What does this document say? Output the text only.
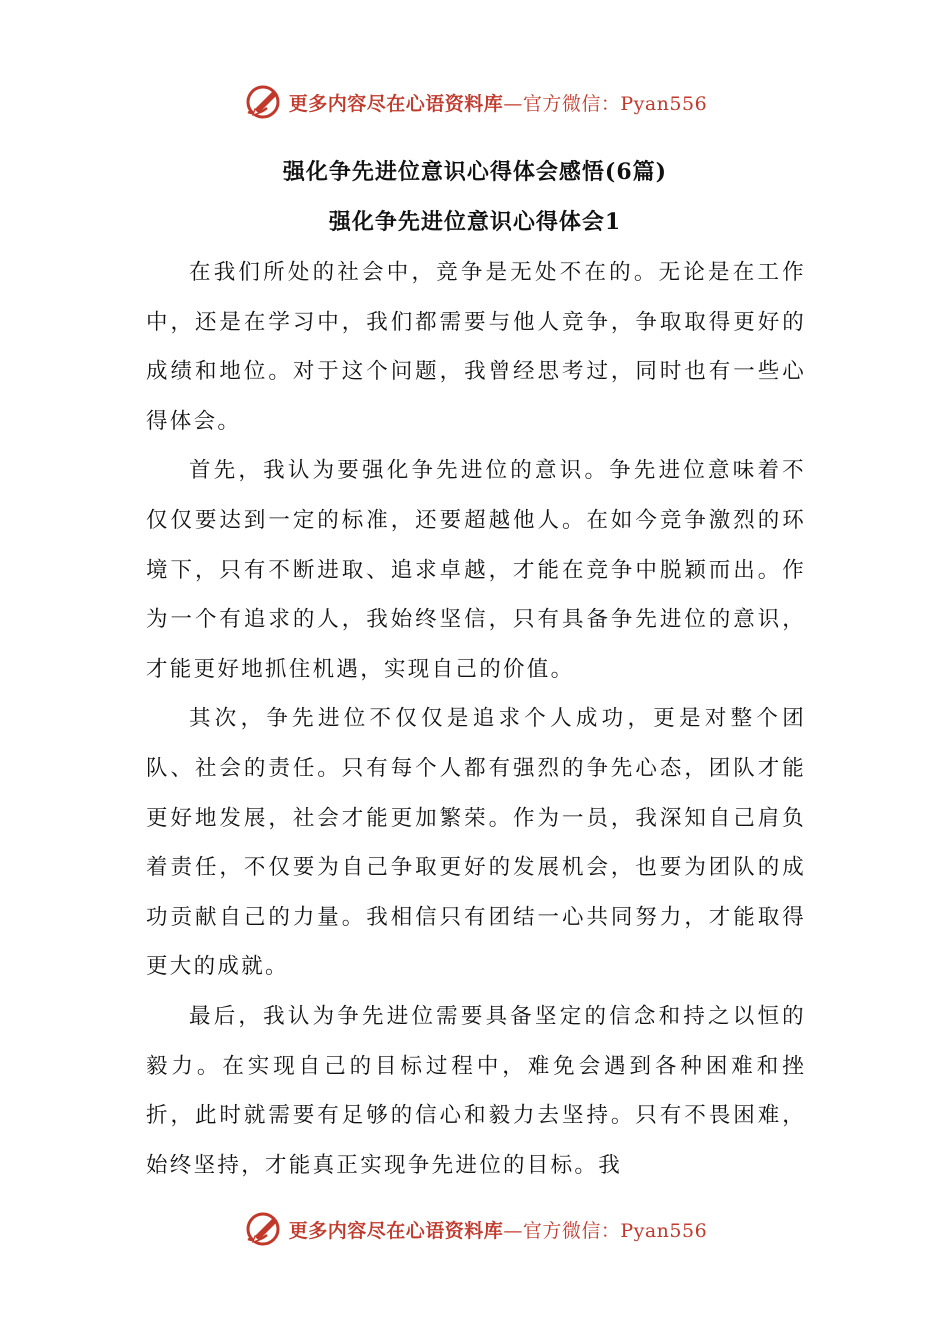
更多内容尽在心语资料库—官方微信：Pyan556
强化争先进位意识心得体会感悟(6篇)
强化争先进位意识心得体会1

在我们所处的社会中，竞争是无处不在的。无论是在工作中，还是在学习中，我们都需要与他人竞争，争取取得更好的成绩和地位。对于这个问题，我曾经思考过，同时也有一些心得体会。

首先，我认为要强化争先进位的意识。争先进位意味着不仅仅要达到一定的标准，还要超越他人。在如今竞争激烈的环境下，只有不断进取、追求卓越，才能在竞争中脱颖而出。作为一个有追求的人，我始终坚信，只有具备争先进位的意识，才能更好地抓住机遇，实现自己的价值。

其次，争先进位不仅仅是追求个人成功，更是对整个团队、社会的责任。只有每个人都有强烈的争先心态，团队才能更好地发展，社会才能更加繁荣。作为一员，我深知自己肩负着责任，不仅要为自己争取更好的发展机会，也要为团队的成功贡献自己的力量。我相信只有团结一心共同努力，才能取得更大的成就。

最后，我认为争先进位需要具备坚定的信念和持之以恒的毅力。在实现自己的目标过程中，难免会遇到各种困难和挫折，此时就需要有足够的信心和毅力去坚持。只有不畏困难，始终坚持，才能真正实现争先进位的目标。我

更多内容尽在心语资料库—官方微信：Pyan556
